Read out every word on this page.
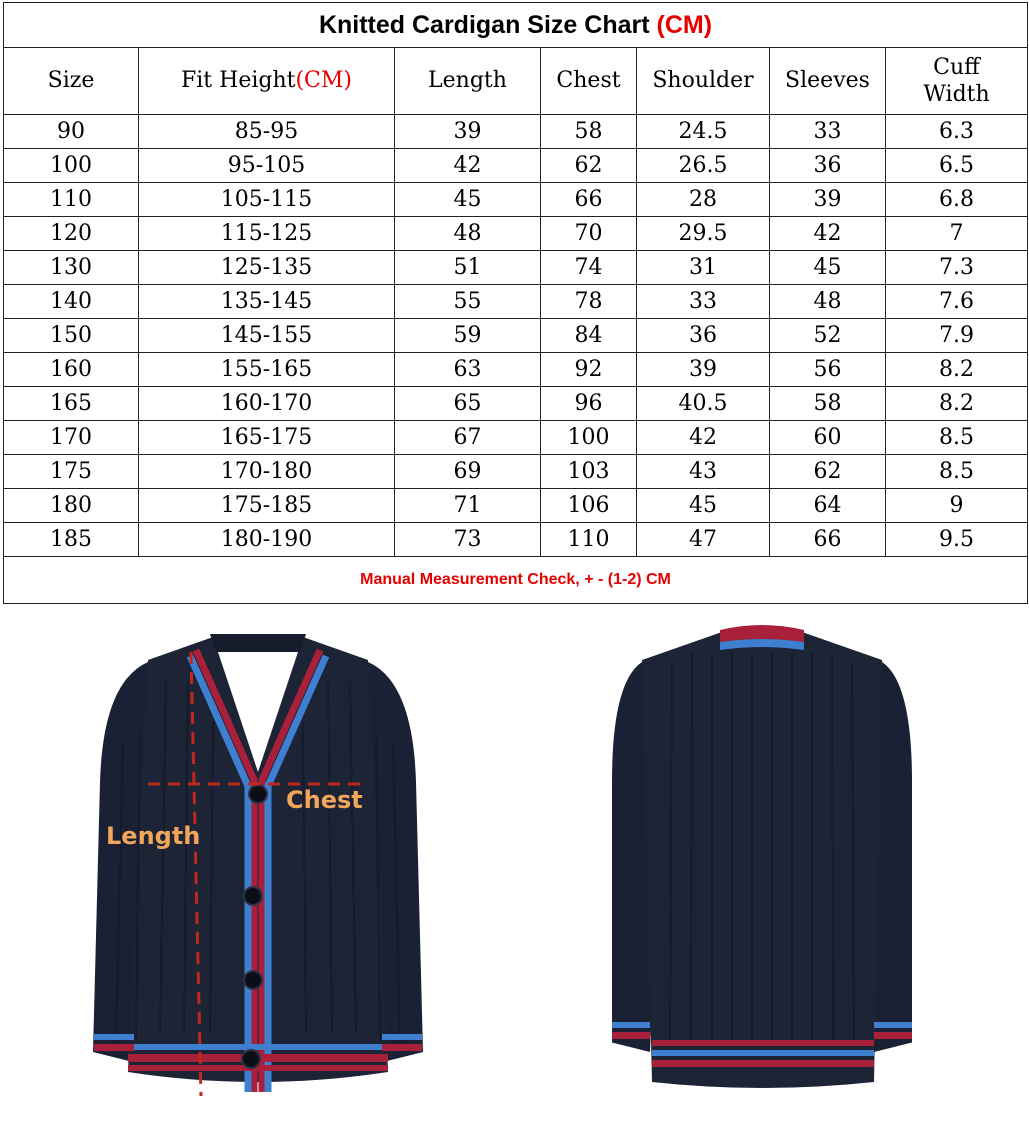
Knitted Cardigan Size Chart (CM)						
Size	Fit Height(CM)	Length	Chest	Shoulder	Sleeves	Cuff
Width
90	85-95	39	58	24.5	33	6.3
100	95-105	42	62	26.5	36	6.5
110	105-115	45	66	28	39	6.8
120	115-125	48	70	29.5	42	7
130	125-135	51	74	31	45	7.3
140	135-145	55	78	33	48	7.6
150	145-155	59	84	36	52	7.9
160	155-165	63	92	39	56	8.2
165	160-170	65	96	40.5	58	8.2
170	165-175	67	100	42	60	8.5
175	170-180	69	103	43	62	8.5
180	175-185	71	106	45	64	9
185	180-190	73	110	47	66	9.5
Manual Measurement Check, + - (1-2) CM						
Chest
Length
